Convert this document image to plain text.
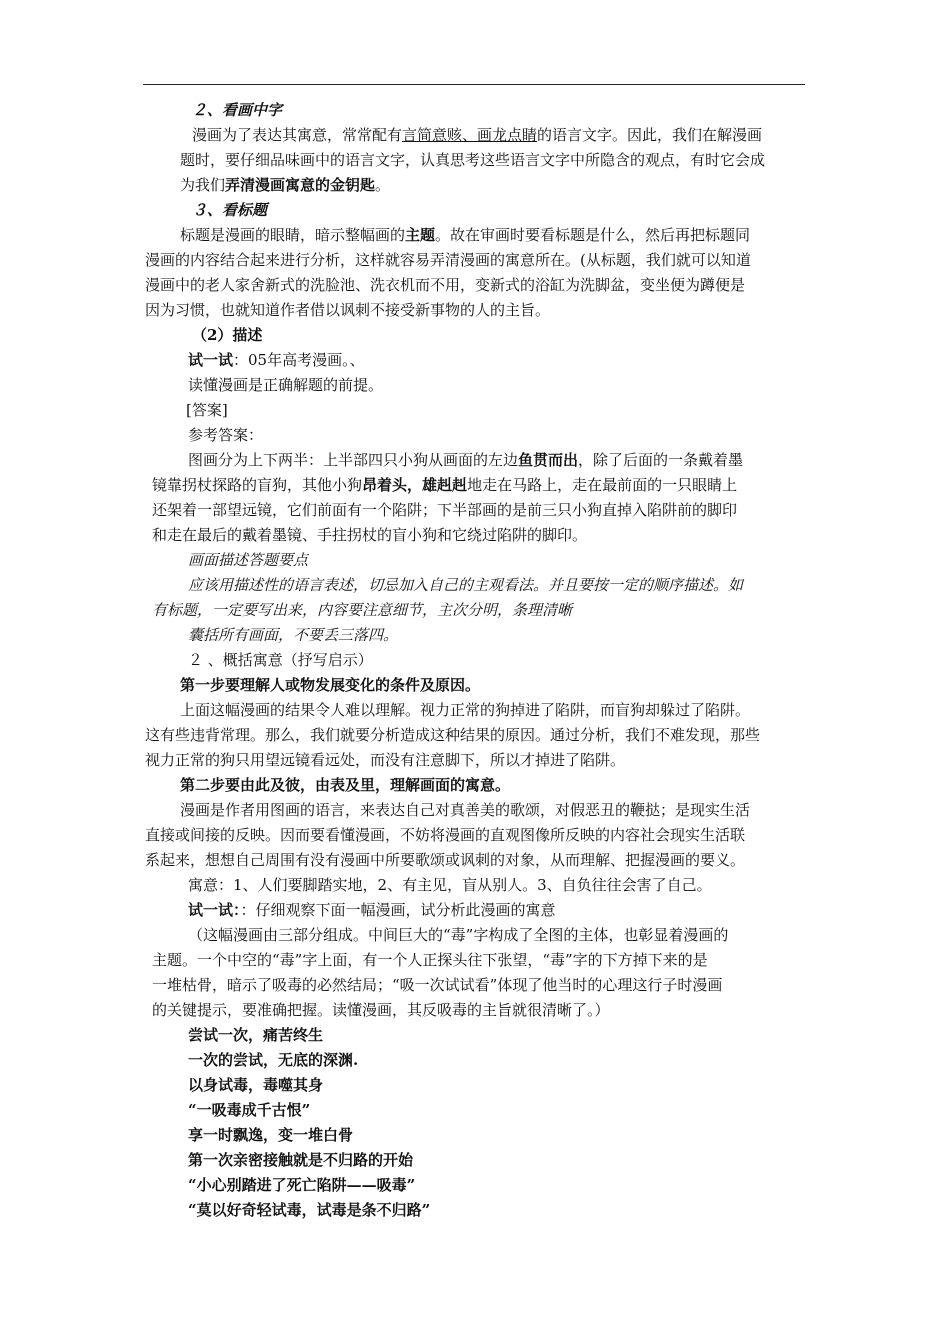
２、看画中字
漫画为了表达其寓意，常常配有言简意赅、画龙点睛的语言文字。因此，我们在解漫画
题时，要仔细品味画中的语言文字，认真思考这些语言文字中所隐含的观点，有时它会成
为我们弄清漫画寓意的金钥匙。
３、看标题
标题是漫画的眼睛，暗示整幅画的主题。故在审画时要看标题是什么，然后再把标题同
漫画的内容结合起来进行分析，这样就容易弄清漫画的寓意所在。(从标题，我们就可以知道
漫画中的老人家舍新式的洗脸池、洗衣机而不用，变新式的浴缸为洗脚盆，变坐便为蹲便是
因为习惯，也就知道作者借以讽刺不接受新事物的人的主旨。
（2）描述
试一试：05年高考漫画。、
读懂漫画是正确解题的前提。
[答案]
参考答案：
图画分为上下两半：上半部四只小狗从画面的左边鱼贯而出，除了后面的一条戴着墨
镜靠拐杖探路的盲狗，其他小狗昂着头，雄赳赳地走在马路上，走在最前面的一只眼睛上
还架着一部望远镜，它们前面有一个陷阱；下半部画的是前三只小狗直掉入陷阱前的脚印
和走在最后的戴着墨镜、手拄拐杖的盲小狗和它绕过陷阱的脚印。
画面描述答题要点
应该用描述性的语言表述，切忌加入自己的主观看法。并且要按一定的顺序描述。如
有标题，一定要写出来，内容要注意细节，主次分明，条理清晰
囊括所有画面，不要丢三落四。
２ 、概括寓意（抒写启示）
第一步要理解人或物发展变化的条件及原因。
上面这幅漫画的结果令人难以理解。视力正常的狗掉进了陷阱，而盲狗却躲过了陷阱。
这有些违背常理。那么，我们就要分析造成这种结果的原因。通过分析，我们不难发现，那些
视力正常的狗只用望远镜看远处，而没有注意脚下，所以才掉进了陷阱。
第二步要由此及彼，由表及里，理解画面的寓意。
漫画是作者用图画的语言，来表达自己对真善美的歌颂，对假恶丑的鞭挞；是现实生活
直接或间接的反映。因而要看懂漫画，不妨将漫画的直观图像所反映的内容社会现实生活联
系起来，想想自己周围有没有漫画中所要歌颂或讽刺的对象，从而理解、把握漫画的要义。
寓意：1、人们要脚踏实地，2、有主见，盲从别人。3、自负往往会害了自己。
试一试：：仔细观察下面一幅漫画，试分析此漫画的寓意
（这幅漫画由三部分组成。中间巨大的“毒”字构成了全图的主体，也彰显着漫画的
主题。一个中空的“毒”字上面，有一个人正探头往下张望，“毒”字的下方掉下来的是
一堆枯骨，暗示了吸毒的必然结局；“吸一次试试看”体现了他当时的心理这行子时漫画
的关键提示，要准确把握。读懂漫画，其反吸毒的主旨就很清晰了。）
尝试一次，痛苦终生
一次的尝试，无底的深渊.
以身试毒，毒噬其身
“一吸毒成千古恨”
享一时飘逸，变一堆白骨
第一次亲密接触就是不归路的开始
“小心别踏进了死亡陷阱——吸毒”
“莫以好奇轻试毒，试毒是条不归路”
